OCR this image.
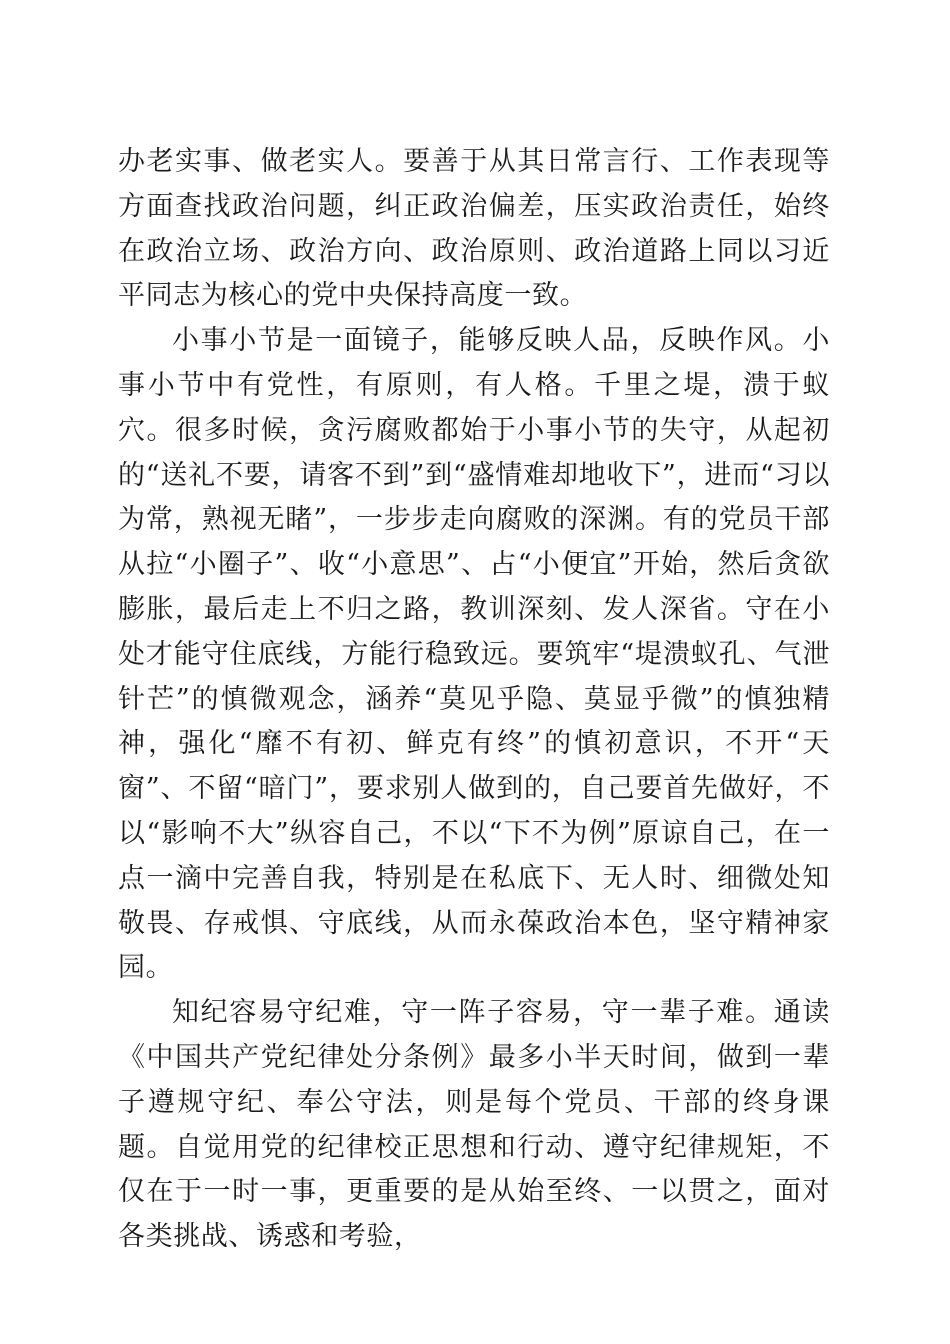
办老实事、做老实人。要善于从其日常言行、工作表现等方面查找政治问题，纠正政治偏差，压实政治责任，始终在政治立场、政治方向、政治原则、政治道路上同以习近平同志为核心的党中央保持高度一致。

小事小节是一面镜子，能够反映人品，反映作风。小事小节中有党性，有原则，有人格。千里之堤，溃于蚁穴。很多时候，贪污腐败都始于小事小节的失守，从起初的“送礼不要，请客不到”到“盛情难却地收下”，进而“习以为常，熟视无睹”，一步步走向腐败的深渊。有的党员干部从拉“小圈子”、收“小意思”、占“小便宜”开始，然后贪欲膨胀，最后走上不归之路，教训深刻、发人深省。守在小处才能守住底线，方能行稳致远。要筑牢“堤溃蚁孔、气泄针芒”的慎微观念，涵养“莫见乎隐、莫显乎微”的慎独精神，强化“靡不有初、鲜克有终”的慎初意识，不开“天窗”、不留“暗门”，要求别人做到的，自己要首先做好，不以“影响不大”纵容自己，不以“下不为例”原谅自己，在一点一滴中完善自我，特别是在私底下、无人时、细微处知敬畏、存戒惧、守底线，从而永葆政治本色，坚守精神家园。

知纪容易守纪难，守一阵子容易，守一辈子难。通读《中国共产党纪律处分条例》最多小半天时间，做到一辈子遵规守纪、奉公守法，则是每个党员、干部的终身课题。自觉用党的纪律校正思想和行动、遵守纪律规矩，不仅在于一时一事，更重要的是从始至终、一以贯之，面对各类挑战、诱惑和考验，
